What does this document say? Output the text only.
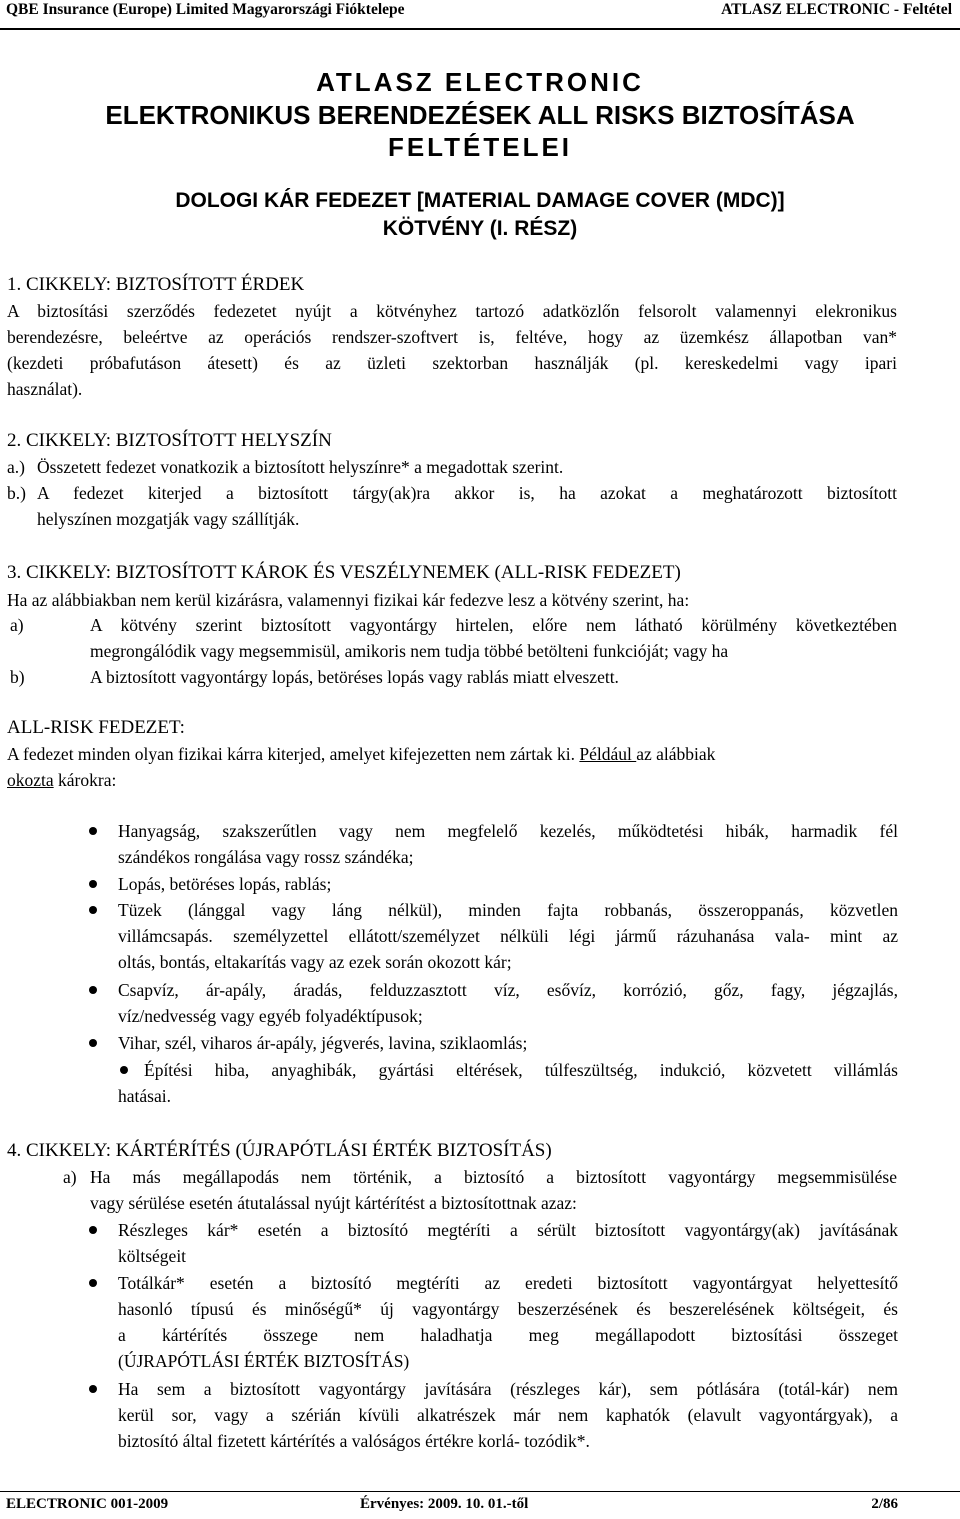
QBE Insurance (Europe) Limited Magyarországi Fióktelepe	ATLASZ ELECTRONIC - Feltétel
ATLASZ ELECTRONIC
ELEKTRONIKUS BERENDEZÉSEK ALL RISKS BIZTOSÍTÁSA
FELTÉTELEI
DOLOGI KÁR FEDEZET [MATERIAL DAMAGE COVER (MDC)]
KÖTVÉNY (I. RÉSZ)
1. CIKKELY: BIZTOSÍTOTT ÉRDEK
A biztosítási szerződés fedezetet nyújt a kötvényhez tartozó adatközlőn felsorolt valamennyi elekronikus
berendezésre, beleértve az operációs rendszer-szoftvert is, feltéve, hogy az üzemkész állapotban van*
(kezdeti próbafutáson átesett) és az üzleti szektorban használják (pl. kereskedelmi vagy ipari
használat).
2. CIKKELY: BIZTOSÍTOTT HELYSZÍN
a.) Összetett fedezet vonatkozik a biztosított helyszínre* a megadottak szerint.
b.) A fedezet kiterjed a biztosított tárgy(ak)ra akkor is, ha azokat a meghatározott biztosított
helyszínen mozgatják vagy szállítják.
3. CIKKELY: BIZTOSÍTOTT KÁROK ÉS VESZÉLYNEMEK (ALL-RISK FEDEZET)
Ha az alábbiakban nem kerül kizárásra, valamennyi fizikai kár fedezve lesz a kötvény szerint, ha:
a)	A kötvény szerint biztosított vagyontárgy hirtelen, előre nem látható körülmény következtében
megrongálódik vagy megsemmisül, amikoris nem tudja többé betölteni funkcióját; vagy ha
b)	A biztosított vagyontárgy lopás, betöréses lopás vagy rablás miatt elveszett.
ALL-RISK FEDEZET:
A fedezet minden olyan fizikai kárra kiterjed, amelyet kifejezetten nem zártak ki. Például az alábbiak
okozta károkra:
Hanyagság, szakszerűtlen vagy nem megfelelő kezelés, működtetési hibák, harmadik fél
szándékos rongálása vagy rossz szándéka;
Lopás, betöréses lopás, rablás;
Tüzek (lánggal vagy láng nélkül), minden fajta robbanás, összeroppanás, közvetlen
villámcsapás. személyzettel ellátott/személyzet nélküli légi jármű rázuhanása vala- mint az
oltás, bontás, eltakarítás vagy az ezek során okozott kár;
Csapvíz, ár-apály, áradás, felduzzasztott víz, esővíz, korrózió, gőz, fagy, jégzajlás,
víz/nedvesség vagy egyéb folyadéktípusok;
Vihar, szél, viharos ár-apály, jégverés, lavina, sziklaomlás;
Építési hiba, anyaghibák, gyártási eltérések, túlfeszültség, indukció, közvetett villámlás
hatásai.
4. CIKKELY: KÁRTÉRÍTÉS (ÚJRAPÓTLÁSI ÉRTÉK BIZTOSÍTÁS)
a) Ha más megállapodás nem történik, a biztosító a biztosított vagyontárgy megsemmisülése
vagy sérülése esetén átutalással nyújt kártérítést a biztosítottnak azaz:
Részleges kár* esetén a biztosító megtéríti a sérült biztosított vagyontárgy(ak) javításának
költségeit
Totálkár* esetén a biztosító megtéríti az eredeti biztosított vagyontárgyat helyettesítő
hasonló típusú és minőségű* új vagyontárgy beszerzésének és beszerelésének költségeit, és
a kártérítés összege nem haladhatja meg megállapodott biztosítási összeget
(ÚJRAPÓTLÁSI ÉRTÉK BIZTOSÍTÁS)
Ha sem a biztosított vagyontárgy javítására (részleges kár), sem pótlására (totál-kár) nem
kerül sor, vagy a szérián kívüli alkatrészek már nem kaphatók (elavult vagyontárgyak), a
biztosító által fizetett kártérítés a valóságos értékre korlá- tozódik*.
ELECTRONIC 001-2009	Érvényes: 2009. 10. 01.-től	2/86
